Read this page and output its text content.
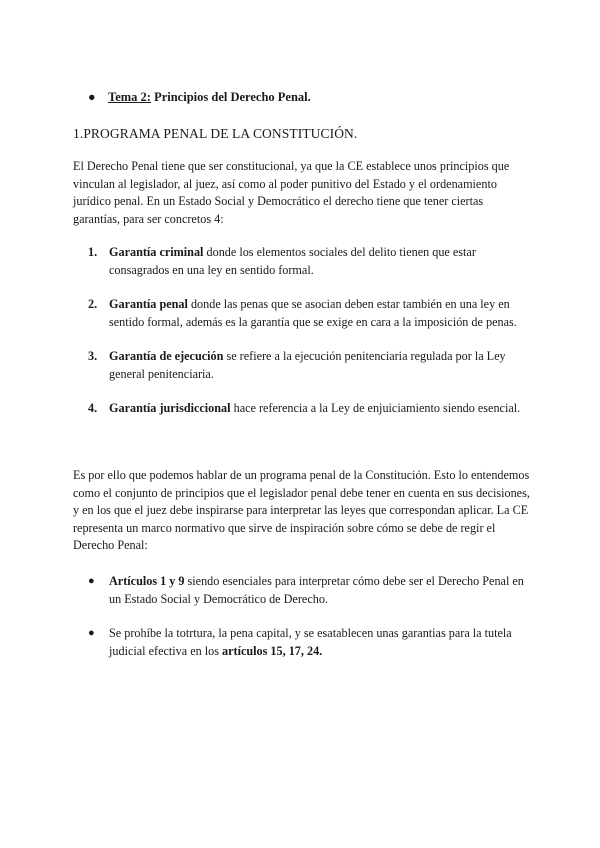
● Tema 2: Principios del Derecho Penal.
1.PROGRAMA PENAL DE LA CONSTITUCIÓN.

El Derecho Penal tiene que ser constitucional, ya que la CE establece unos principios que vinculan al legislador, al juez, así como al poder punitivo del Estado y el ordenamiento jurídico penal. En un Estado Social y Democrático el derecho tiene que tener ciertas garantías, para ser concretos 4:

1. Garantía criminal donde los elementos sociales del delito tienen que estar consagrados en una ley en sentido formal.
2. Garantía penal donde las penas que se asocian deben estar también en una ley en sentido formal, además es la garantía que se exige en cara a la imposición de penas.
3. Garantía de ejecución se refiere a la ejecución penitenciaria regulada por la Ley general penitenciaria.
4. Garantía jurisdiccional hace referencia a la Ley de enjuiciamiento siendo esencial.

Es por ello que podemos hablar de un programa penal de la Constitución. Esto lo entendemos como el conjunto de principios que el legislador penal debe tener en cuenta en sus decisiones, y en los que el juez debe inspirarse para interpretar las leyes que correspondan aplicar. La CE representa un marco normativo que sirve de inspiración sobre cómo se debe de regir el Derecho Penal:

● Artículos 1 y 9 siendo esenciales para interpretar cómo debe ser el Derecho Penal en un Estado Social y Democrático de Derecho.
● Se prohíbe la totrtura, la pena capital, y se esatablecen unas garantias para la tutela judicial efectiva en los artículos 15, 17, 24.
